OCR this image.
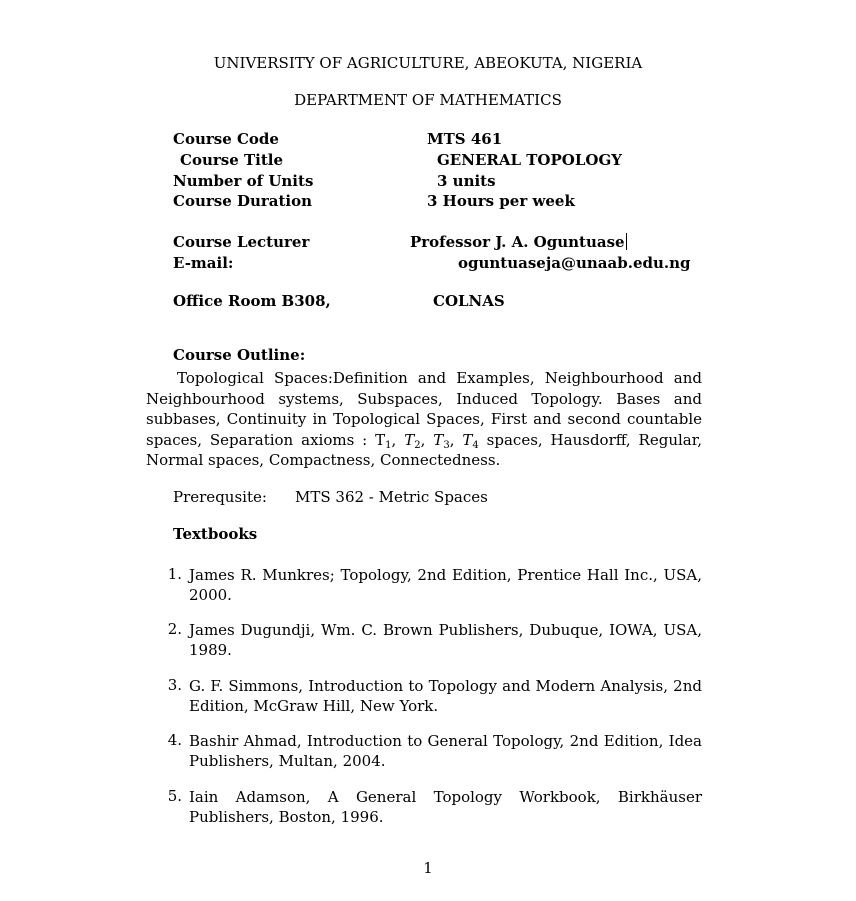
UNIVERSITY OF AGRICULTURE, ABEOKUTA, NIGERIA
DEPARTMENT OF MATHEMATICS
Course Code	MTS 461
Course Title	GENERAL TOPOLOGY
Number of Units	3 units
Course Duration	3 Hours per week
Course Lecturer	Professor J. A. Oguntuase
E-mail:	oguntuaseja@unaab.edu.ng
Office Room B308,	COLNAS
Course Outline:
Topological Spaces:Definition and Examples, Neighbourhood and Neighbourhood systems, Subspaces, Induced Topology. Bases and subbases, Continuity in Topological Spaces, First and second countable spaces, Separation axioms : $T_1$, $T_2$, $T_3$, $T_4$ spaces, Hausdorff, Regular, Normal spaces, Compactness, Connectedness.
Prerequsite: MTS 362 - Metric Spaces
Textbooks
1. James R. Munkres; Topology, 2nd Edition, Prentice Hall Inc., USA, 2000.
2. James Dugundji, Wm. C. Brown Publishers, Dubuque, IOWA, USA, 1989.
3. G. F. Simmons, Introduction to Topology and Modern Analysis, 2nd Edition, McGraw Hill, New York.
4. Bashir Ahmad, Introduction to General Topology, 2nd Edition, Idea Publishers, Multan, 2004.
5. Iain Adamson, A General Topology Workbook, Birkhäuser Publishers, Boston, 1996.
1
